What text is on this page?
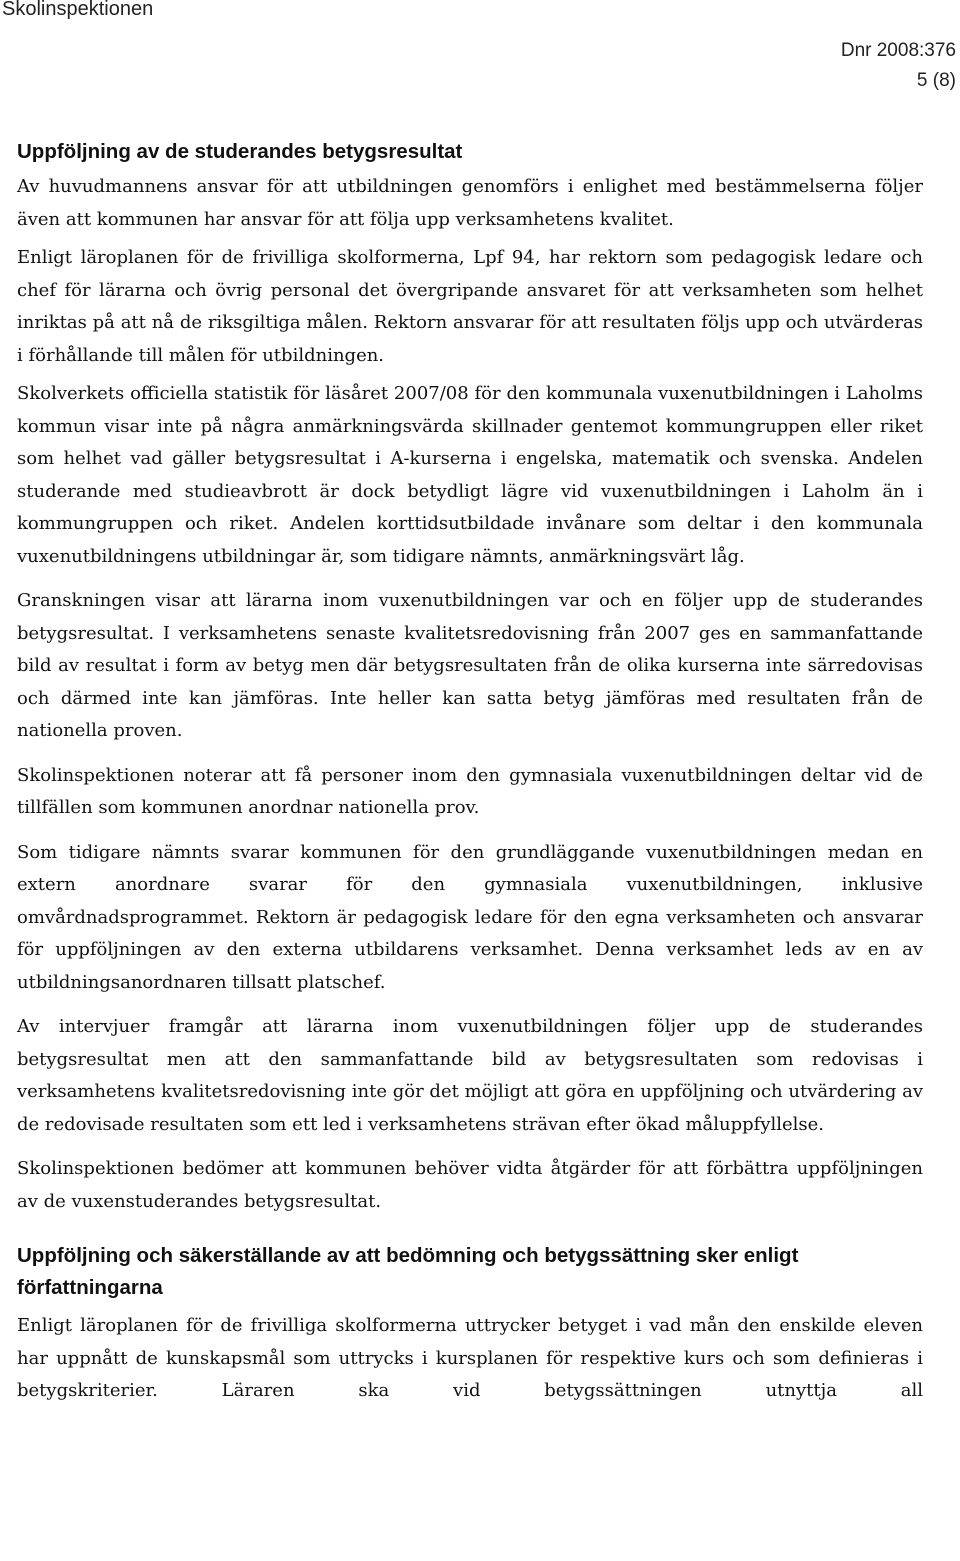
Skolinspektionen
Dnr 2008:376
5 (8)
Uppföljning av de studerandes betygsresultat

Av huvudmannens ansvar för att utbildningen genomförs i enlighet med bestämmelserna följer även att kommunen har ansvar för att följa upp verksamhetens kvalitet.

Enligt läroplanen för de frivilliga skolformerna, Lpf 94, har rektorn som pedagogisk ledare och chef för lärarna och övrig personal det övergripande ansvaret för att verksamheten som helhet inriktas på att nå de riksgiltiga målen. Rektorn ansvarar för att resultaten följs upp och utvärderas i förhållande till målen för utbildningen.

Skolverkets officiella statistik för läsåret 2007/08 för den kommunala vuxenutbildningen i Laholms kommun visar inte på några anmärkningsvärda skillnader gentemot kommungruppen eller riket som helhet vad gäller betygsresultat i A-kurserna i engelska, matematik och svenska. Andelen studerande med studieavbrott är dock betydligt lägre vid vuxenutbildningen i Laholm än i kommungruppen och riket. Andelen korttidsutbildade invånare som deltar i den kommunala vuxenutbildningens utbildningar är, som tidigare nämnts, anmärkningsvärt låg.

Granskningen visar att lärarna inom vuxenutbildningen var och en följer upp de studerandes betygsresultat. I verksamhetens senaste kvalitetsredovisning från 2007 ges en sammanfattande bild av resultat i form av betyg men där betygsresultaten från de olika kurserna inte särredovisas och därmed inte kan jämföras. Inte heller kan satta betyg jämföras med resultaten från de nationella proven.

Skolinspektionen noterar att få personer inom den gymnasiala vuxenutbildningen deltar vid de tillfällen som kommunen anordnar nationella prov.

Som tidigare nämnts svarar kommunen för den grundläggande vuxenutbildningen medan en extern anordnare svarar för den gymnasiala vuxenutbildningen, inklusive omvårdnadsprogrammet. Rektorn är pedagogisk ledare för den egna verksamheten och ansvarar för uppföljningen av den externa utbildarens verksamhet. Denna verksamhet leds av en av utbildningsanordnaren tillsatt platschef.

Av intervjuer framgår att lärarna inom vuxenutbildningen följer upp de studerandes betygsresultat men att den sammanfattande bild av betygsresultaten som redovisas i verksamhetens kvalitetsredovisning inte gör det möjligt att göra en uppföljning och utvärdering av de redovisade resultaten som ett led i verksamhetens strävan efter ökad måluppfyllelse.

Skolinspektionen bedömer att kommunen behöver vidta åtgärder för att förbättra uppföljningen av de vuxenstuderandes betygsresultat.

Uppföljning och säkerställande av att bedömning och betygssättning sker enligt författningarna

Enligt läroplanen för de frivilliga skolformerna uttrycker betyget i vad mån den enskilde eleven har uppnått de kunskapsmål som uttrycks i kursplanen för respektive kurs och som definieras i betygskriterier. Läraren ska vid betygssättningen utnyttja all
